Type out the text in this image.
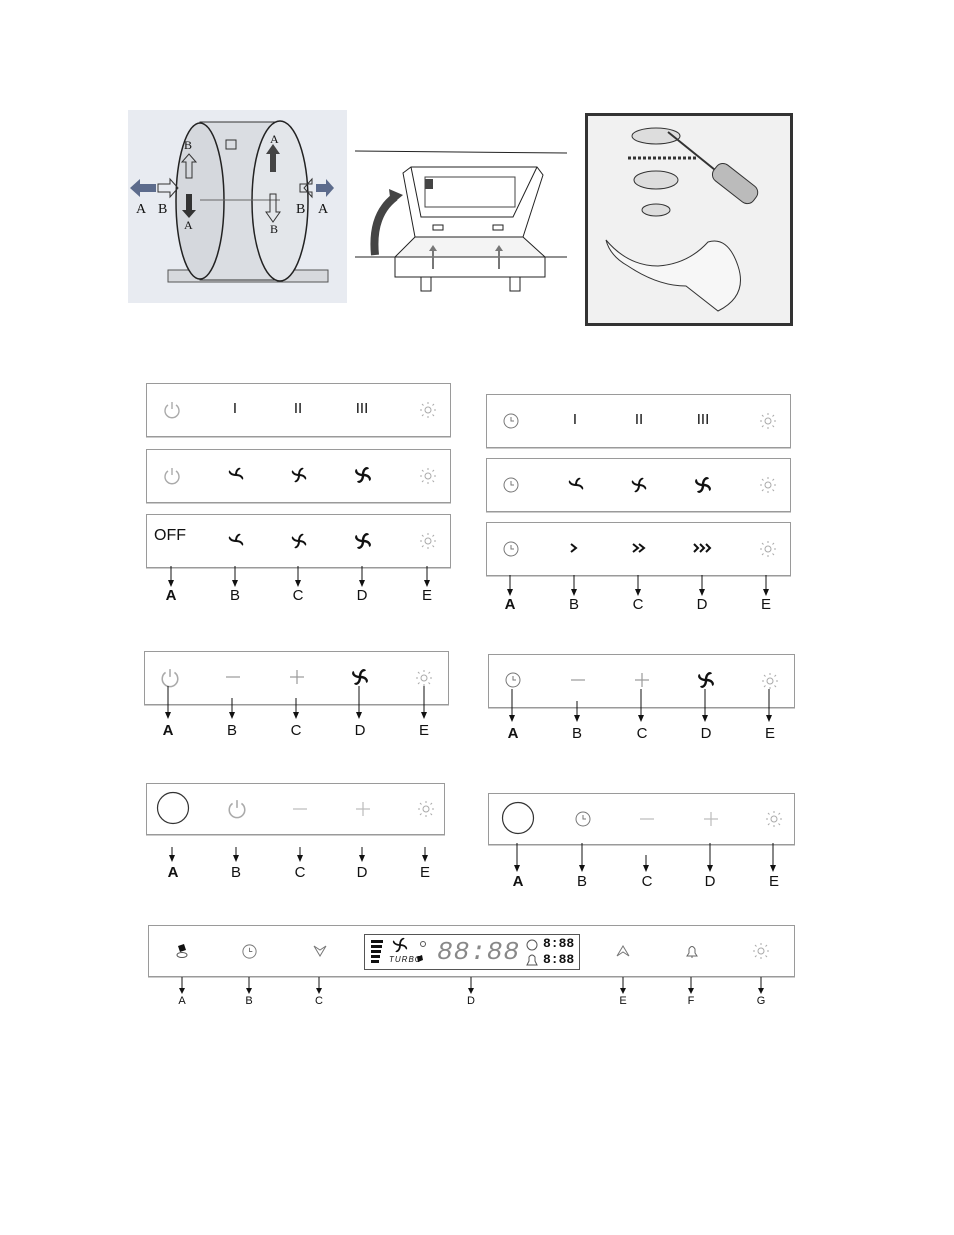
A B	B A
B
A
A
B
I	II	III
OFF
A	B	C	D	E
I	II	III
A	B	C	D	E
A	B	C	D	E	A	B	C	D	E
A	B	C	D	E
A	B	C	D	E
TURBO 88:88 8:88
8:88
A	B	C	D	E	F	G
